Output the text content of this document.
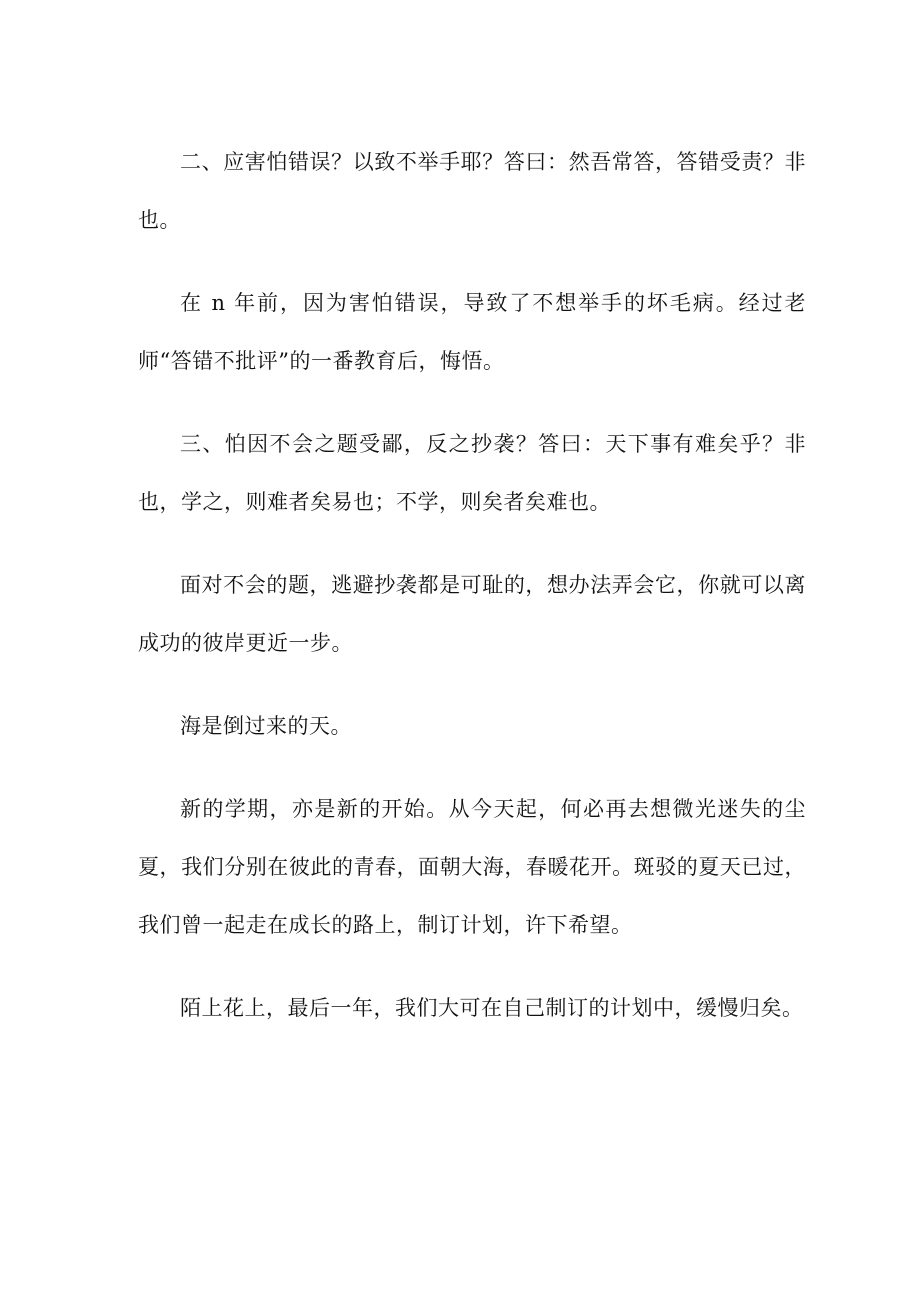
二、应害怕错误？以致不举手耶？答曰：然吾常答，答错受责？非也。

在 n 年前，因为害怕错误，导致了不想举手的坏毛病。经过老师“答错不批评”的一番教育后，悔悟。

三、怕因不会之题受鄙，反之抄袭？答曰：天下事有难矣乎？非也，学之，则难者矣易也；不学，则矣者矣难也。

面对不会的题，逃避抄袭都是可耻的，想办法弄会它，你就可以离成功的彼岸更近一步。

海是倒过来的天。

新的学期，亦是新的开始。从今天起，何必再去想微光迷失的尘夏，我们分别在彼此的青春，面朝大海，春暖花开。斑驳的夏天已过，我们曾一起走在成长的路上，制订计划，许下希望。

陌上花上，最后一年，我们大可在自己制订的计划中，缓慢归矣。
